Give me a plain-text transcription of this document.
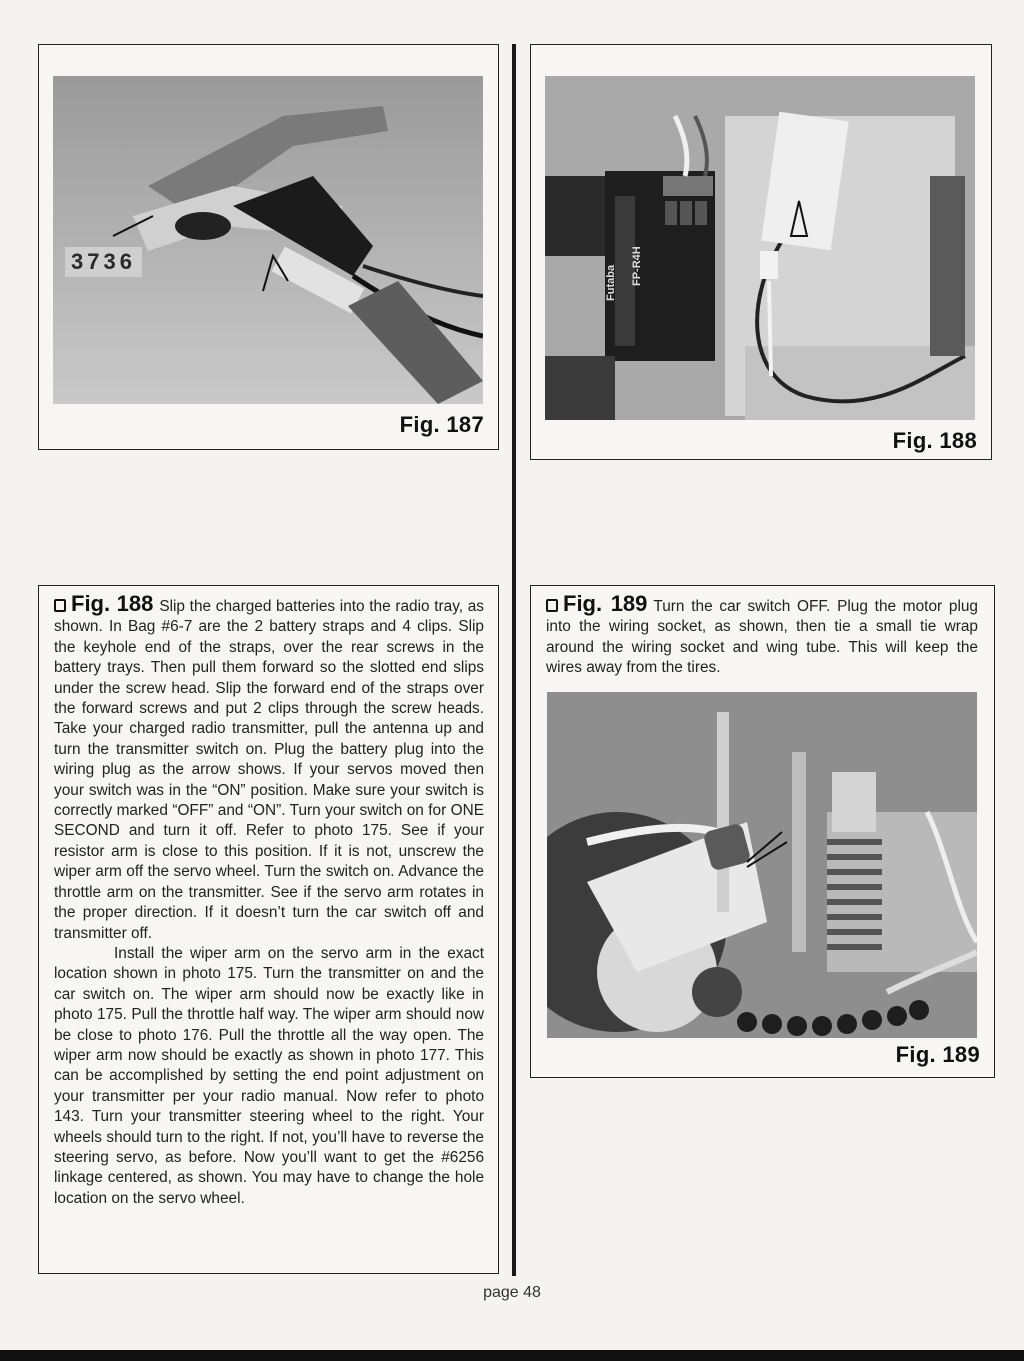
3736
Fig. 187
Futaba FP-R4H
Fig. 188

Fig. 188 Slip the charged batteries into the radio tray, as shown. In Bag #6-7 are the 2 battery straps and 4 clips. Slip the keyhole end of the straps, over the rear screws in the battery trays. Then pull them forward so the slotted end slips under the screw head. Slip the forward end of the straps over the forward screws and put 2 clips through the screw heads. Take your charged radio transmitter, pull the antenna up and turn the transmitter switch on. Plug the battery plug into the wiring plug as the arrow shows. If your servos moved then your switch was in the “ON” position. Make sure your switch is correctly marked “OFF” and “ON”. Turn your switch on for ONE SECOND and turn it off. Refer to photo 175. See if your resistor arm is close to this position. If it is not, unscrew the wiper arm off the servo wheel. Turn the switch on. Advance the throttle arm on the transmitter. See if the servo arm rotates in the proper direction. If it doesn’t turn the car switch off and transmitter off.

Install the wiper arm on the servo arm in the exact location shown in photo 175. Turn the transmitter on and the car switch on. The wiper arm should now be exactly like in photo 175. Pull the throttle half way. The wiper arm should now be close to photo 176. Pull the throttle all the way open. The wiper arm now should be exactly as shown in photo 177. This can be accomplished by setting the end point adjustment on your transmitter per your radio manual. Now refer to photo 143. Turn your transmitter steering wheel to the right. Your wheels should turn to the right. If not, you’ll have to reverse the steering servo, as before. Now you’ll want to get the #6256 linkage centered, as shown. You may have to change the hole location on the servo wheel.

Fig. 189 Turn the car switch OFF. Plug the motor plug into the wiring socket, as shown, then tie a small tie wrap around the wiring socket and wing tube. This will keep the wires away from the tires.

Fig. 189
page 48
